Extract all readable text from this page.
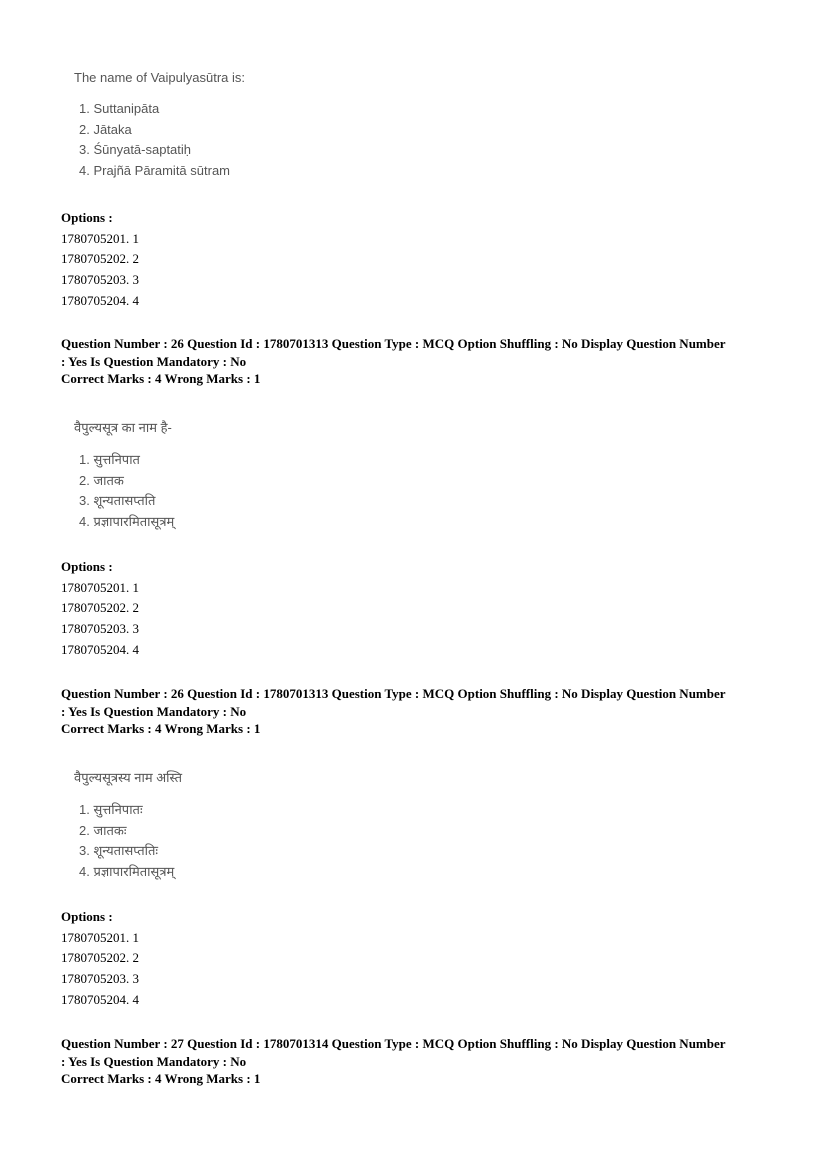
The name of Vaipulyasūtra is:

1. Suttanipāta
2. Jātaka
3. Śūnyatā-saptatiḥ
4. Prajñā Pāramitā sūtram
Options :
1780705201. 1
1780705202. 2
1780705203. 3
1780705204. 4
Question Number : 26 Question Id : 1780701313 Question Type : MCQ Option Shuffling : No Display Question Number
: Yes Is Question Mandatory : No
Correct Marks : 4 Wrong Marks : 1

वैपुल्यसूत्र का नाम है-

1. सुत्तनिपात
2. जातक
3. शून्यतासप्तति
4. प्रज्ञापारमितासूत्रम्
Options :
1780705201. 1
1780705202. 2
1780705203. 3
1780705204. 4
Question Number : 26 Question Id : 1780701313 Question Type : MCQ Option Shuffling : No Display Question Number
: Yes Is Question Mandatory : No
Correct Marks : 4 Wrong Marks : 1

वैपुल्यसूत्रस्य नाम अस्ति

1. सुत्तनिपातः
2. जातकः
3. शून्यतासप्ततिः
4. प्रज्ञापारमितासूत्रम्
Options :
1780705201. 1
1780705202. 2
1780705203. 3
1780705204. 4
Question Number : 27 Question Id : 1780701314 Question Type : MCQ Option Shuffling : No Display Question Number
: Yes Is Question Mandatory : No
Correct Marks : 4 Wrong Marks : 1
